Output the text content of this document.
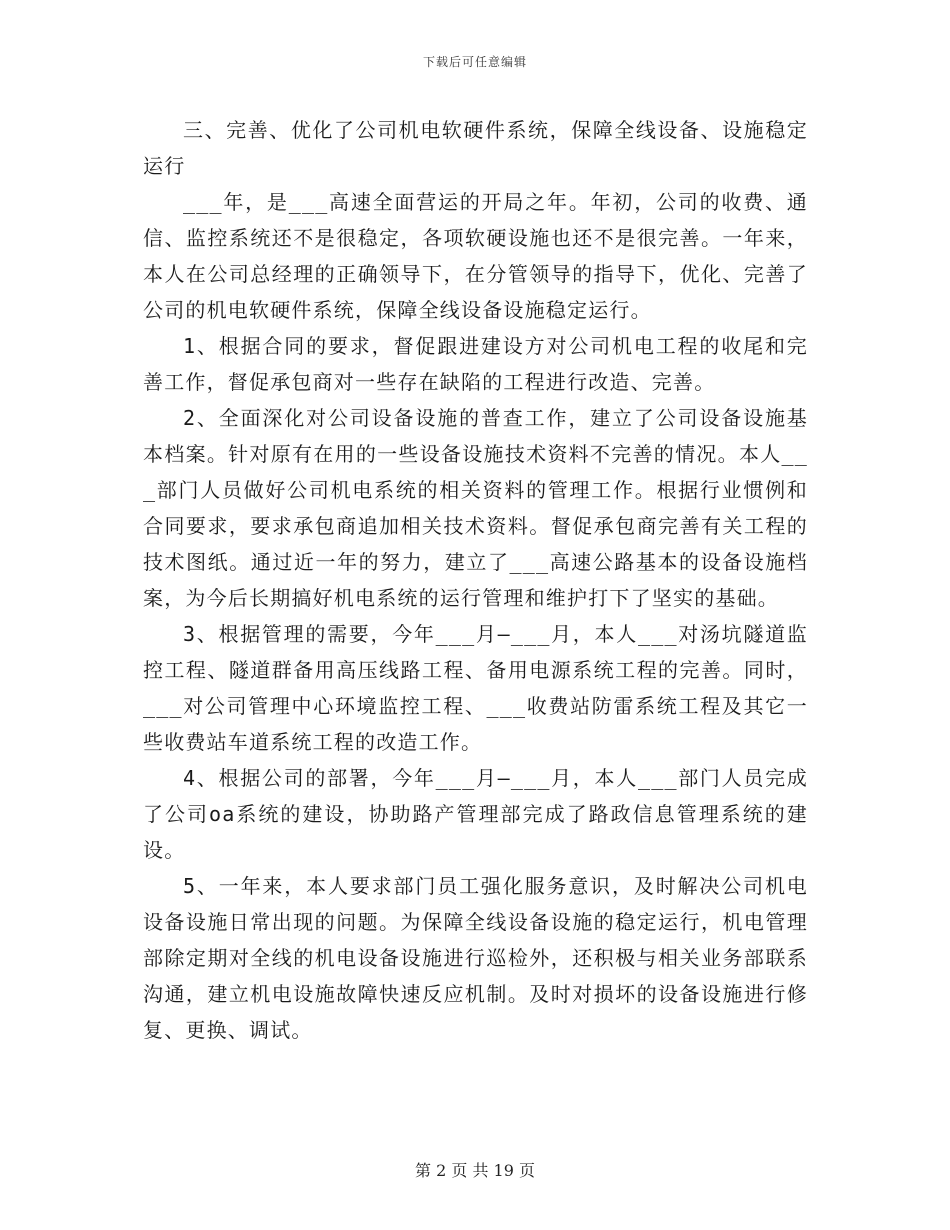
下载后可任意编辑

三、完善、优化了公司机电软硬件系统，保障全线设备、设施稳定运行

___年，是___高速全面营运的开局之年。年初，公司的收费、通信、监控系统还不是很稳定，各项软硬设施也还不是很完善。一年来，本人在公司总经理的正确领导下，在分管领导的指导下，优化、完善了公司的机电软硬件系统，保障全线设备设施稳定运行。

1、根据合同的要求，督促跟进建设方对公司机电工程的收尾和完善工作，督促承包商对一些存在缺陷的工程进行改造、完善。

2、全面深化对公司设备设施的普查工作，建立了公司设备设施基本档案。针对原有在用的一些设备设施技术资料不完善的情况。本人___部门人员做好公司机电系统的相关资料的管理工作。根据行业惯例和合同要求，要求承包商追加相关技术资料。督促承包商完善有关工程的技术图纸。通过近一年的努力，建立了___高速公路基本的设备设施档案，为今后长期搞好机电系统的运行管理和维护打下了坚实的基础。

3、根据管理的需要，今年___月—___月，本人___对汤坑隧道监控工程、隧道群备用高压线路工程、备用电源系统工程的完善。同时，___对公司管理中心环境监控工程、___收费站防雷系统工程及其它一些收费站车道系统工程的改造工作。

4、根据公司的部署，今年___月—___月，本人___部门人员完成了公司oa系统的建设，协助路产管理部完成了路政信息管理系统的建设。

5、一年来，本人要求部门员工强化服务意识，及时解决公司机电设备设施日常出现的问题。为保障全线设备设施的稳定运行，机电管理部除定期对全线的机电设备设施进行巡检外，还积极与相关业务部联系沟通，建立机电设施故障快速反应机制。及时对损坏的设备设施进行修复、更换、调试。

第 2 页 共 19 页
